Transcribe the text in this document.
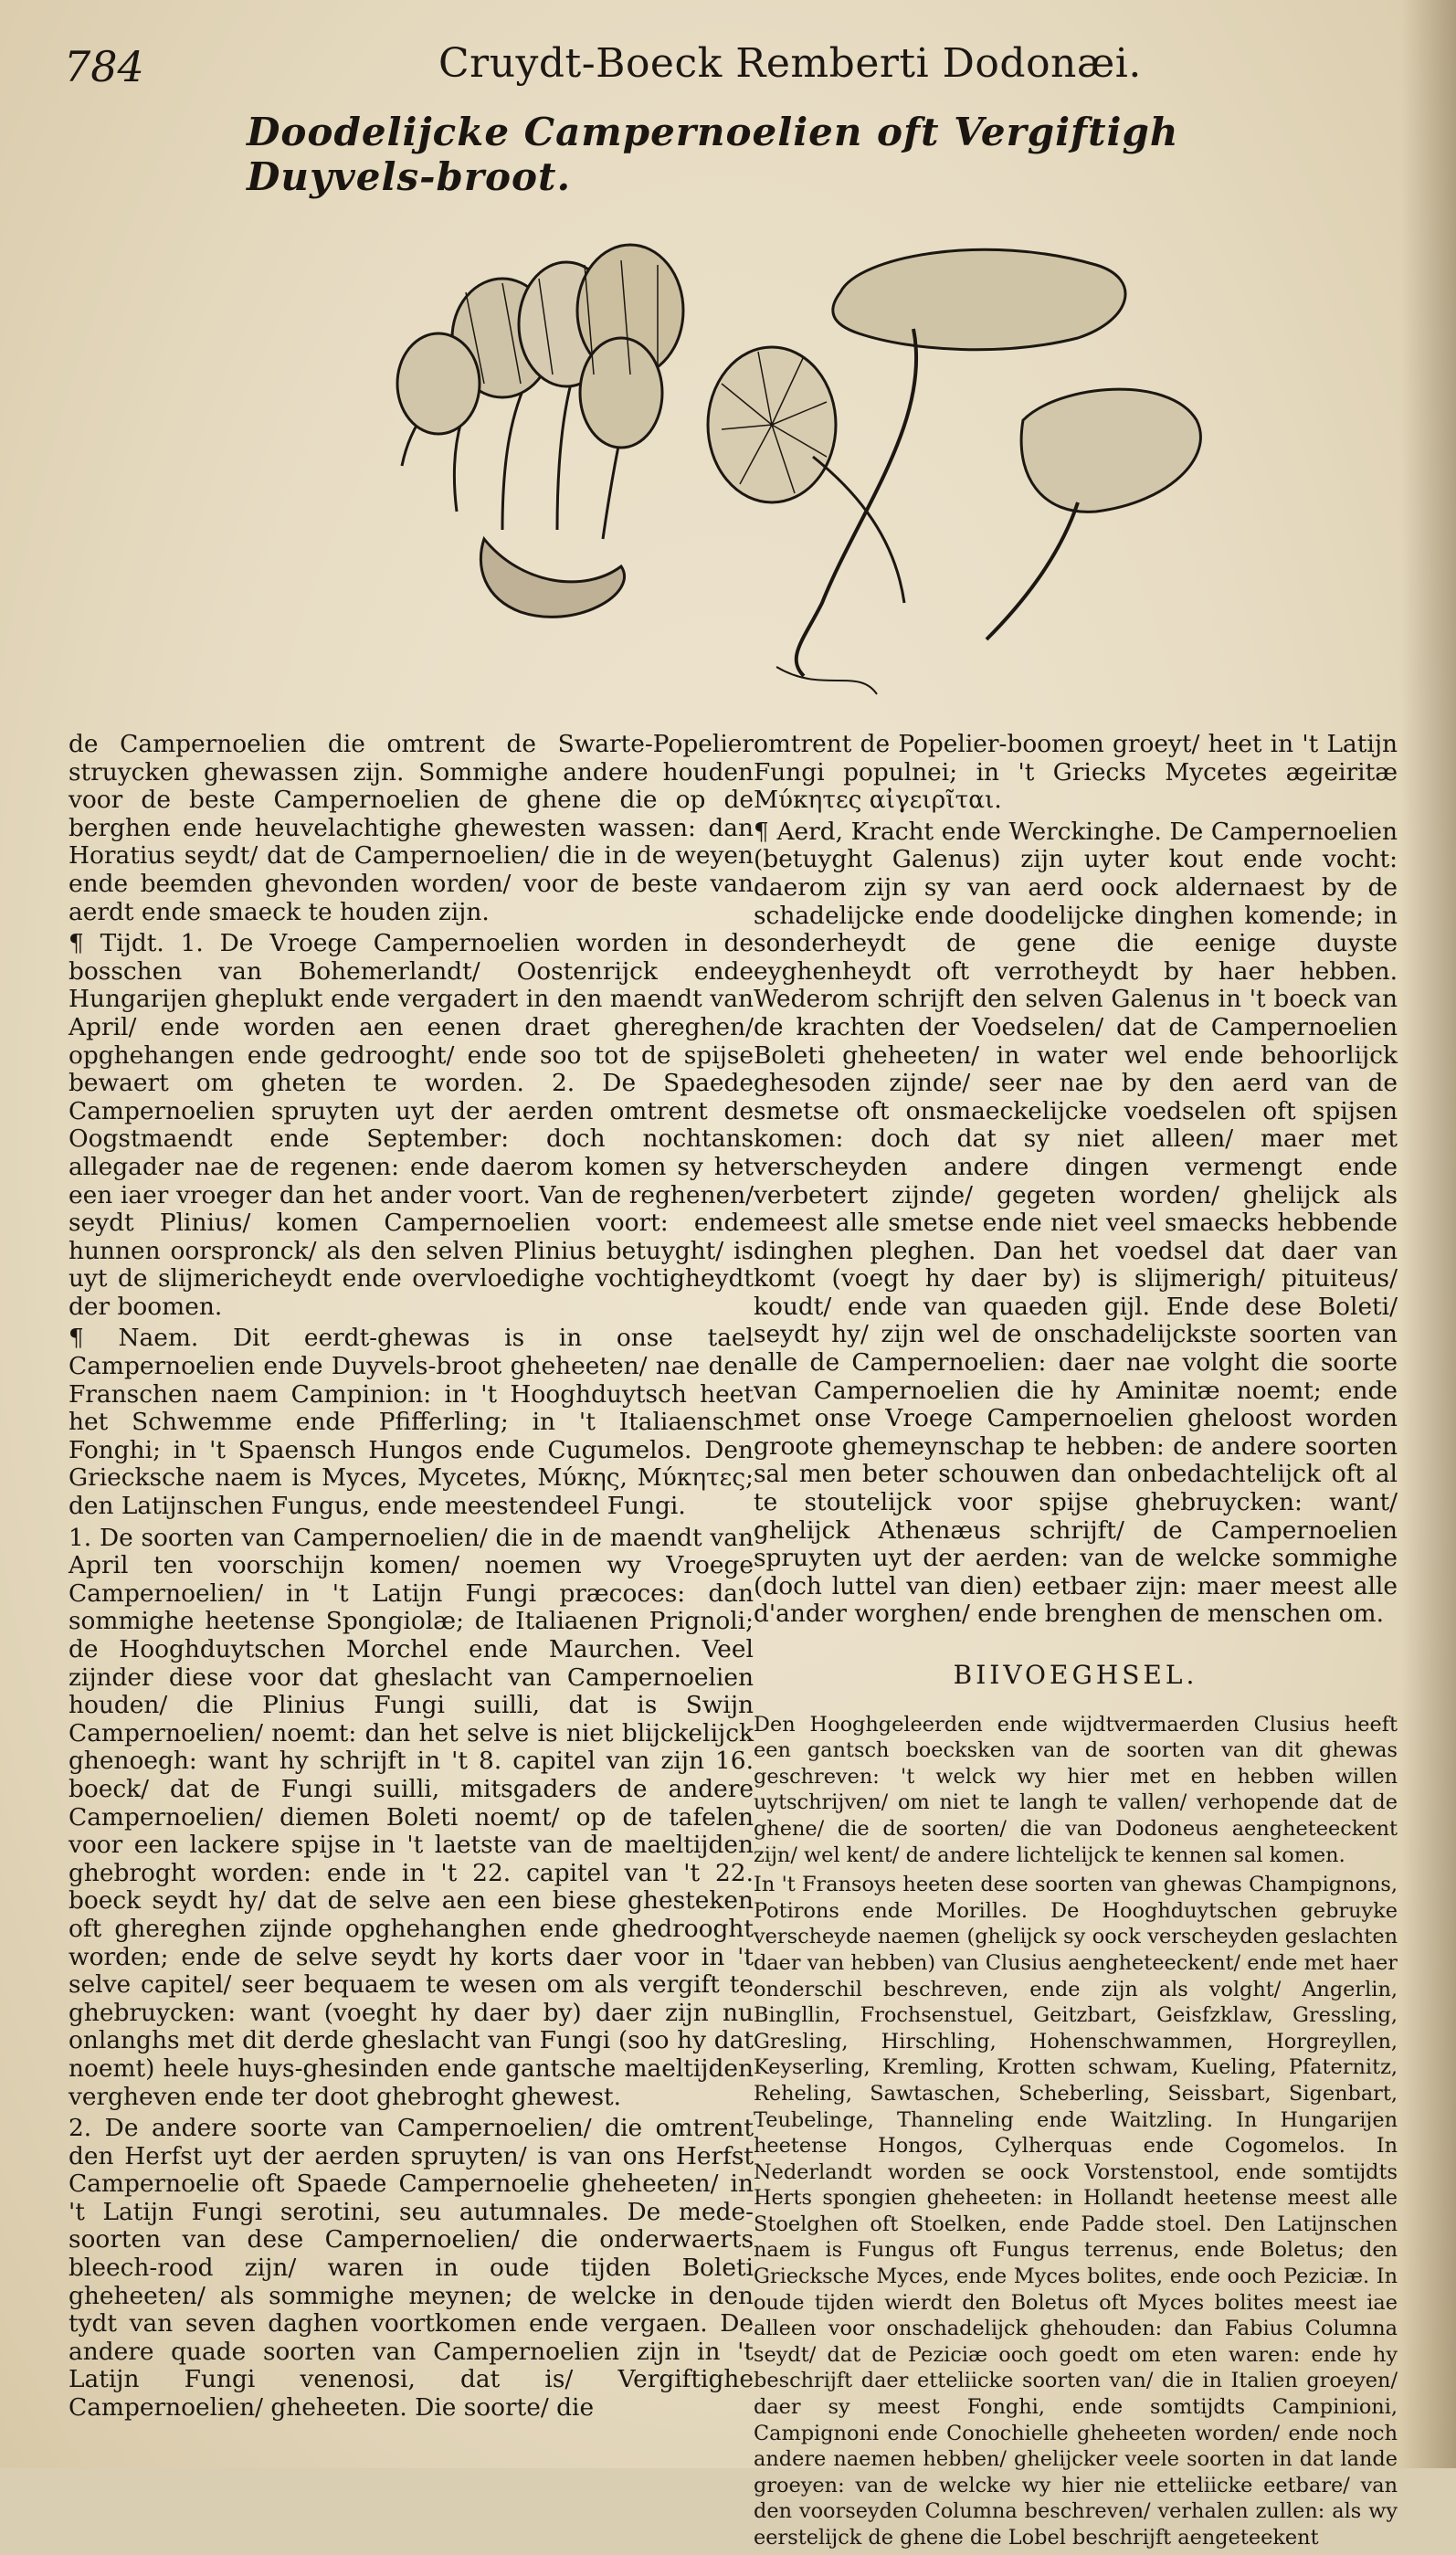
784	Cruydt-Boeck Remberti Dodonæi.
Doodelijcke Campernoelien oft Vergiftigh Duyvels-broot.

de Campernoelien die omtrent de Swarte-Popelier struycken ghewassen zijn. Sommighe andere houden voor de beste Campernoelien de ghene die op de berghen ende heuvelachtighe ghewesten wassen: dan Horatius seydt/ dat de Campernoelien/ die in de weyen ende beemden ghevonden worden/ voor de beste van aerdt ende smaeck te houden zijn.

¶ Tijdt. 1. De Vroege Campernoelien worden in de bosschen van Bohemerlandt/ Oostenrijck ende Hungarijen gheplukt ende vergadert in den maendt van April/ ende worden aen eenen draet ghereghen/ opghehangen ende gedrooght/ ende soo tot de spijse bewaert om gheten te worden. 2. De Spaede Campernoelien spruyten uyt der aerden omtrent de Oogstmaendt ende September: doch nochtans allegader nae de regenen: ende daerom komen sy het een iaer vroeger dan het ander voort. Van de reghenen/ seydt Plinius/ komen Campernoelien voort: ende hunnen oorspronck/ als den selven Plinius betuyght/ is uyt de slijmericheydt ende overvloedighe vochtigheydt der boomen.

¶ Naem. Dit eerdt-ghewas is in onse tael Campernoelien ende Duyvels-broot gheheeten/ nae den Franschen naem Campinion: in 't Hooghduytsch heet het Schwemme ende Pfifferling; in 't Italiaensch Fonghi; in 't Spaensch Hungos ende Cugumelos. Den Griecksche naem is Myces, Mycetes, Μύκης, Μύκητες; den Latijnschen Fungus, ende meestendeel Fungi.

1. De soorten van Campernoelien/ die in de maendt van April ten voorschijn komen/ noemen wy Vroege Campernoelien/ in 't Latijn Fungi præcoces: dan sommighe heetense Spongiolæ; de Italiaenen Prignoli; de Hooghduytschen Morchel ende Maurchen. Veel zijnder diese voor dat gheslacht van Campernoelien houden/ die Plinius Fungi suilli, dat is Swijn Campernoelien/ noemt: dan het selve is niet blijckelijck ghenoegh: want hy schrijft in 't 8. capitel van zijn 16. boeck/ dat de Fungi suilli, mitsgaders de andere Campernoelien/ diemen Boleti noemt/ op de tafelen voor een lackere spijse in 't laetste van de maeltijden ghebroght worden: ende in 't 22. capitel van 't 22. boeck seydt hy/ dat de selve aen een biese ghesteken oft ghereghen zijnde opghehanghen ende ghedrooght worden; ende de selve seydt hy korts daer voor in 't selve capitel/ seer bequaem te wesen om als vergift te ghebruycken: want (voeght hy daer by) daer zijn nu onlanghs met dit derde gheslacht van Fungi (soo hy dat noemt) heele huys-ghesinden ende gantsche maeltijden vergheven ende ter doot ghebroght ghewest.

2. De andere soorte van Campernoelien/ die omtrent den Herfst uyt der aerden spruyten/ is van ons Herfst Campernoelie oft Spaede Campernoelie gheheeten/ in 't Latijn Fungi serotini, seu autumnales. De mede-soorten van dese Campernoelien/ die onderwaerts bleech-rood zijn/ waren in oude tijden Boleti gheheeten/ als sommighe meynen; de welcke in den tydt van seven daghen voortkomen ende vergaen. De andere quade soorten van Campernoelien zijn in 't Latijn Fungi venenosi, dat is/ Vergiftighe Campernoelien/ gheheeten. Die soorte/ die

omtrent de Popelier-boomen groeyt/ heet in 't Latijn Fungi populnei; in 't Griecks Mycetes ægeiritæ Μύκητες αἰγειρῖται.

¶ Aerd, Kracht ende Werckinghe. De Campernoelien (betuyght Galenus) zijn uyter kout ende vocht: daerom zijn sy van aerd oock aldernaest by de schadelijcke ende doodelijcke dinghen komende; in sonderheydt de gene die eenige duyste eyghenheydt oft verrotheydt by haer hebben. Wederom schrijft den selven Galenus in 't boeck van de krachten der Voedselen/ dat de Campernoelien Boleti gheheeten/ in water wel ende behoorlijck ghesoden zijnde/ seer nae by den aerd van de smetse oft onsmaeckelijcke voedselen oft spijsen komen: doch dat sy niet alleen/ maer met verscheyden andere dingen vermengt ende verbetert zijnde/ gegeten worden/ ghelijck als meest alle smetse ende niet veel smaecks hebbende dinghen pleghen. Dan het voedsel dat daer van komt (voegt hy daer by) is slijmerigh/ pituiteus/ koudt/ ende van quaeden gijl. Ende dese Boleti/ seydt hy/ zijn wel de onschadelijckste soorten van alle de Campernoelien: daer nae volght die soorte van Campernoelien die hy Aminitæ noemt; ende met onse Vroege Campernoelien gheloost worden groote ghemeynschap te hebben: de andere soorten sal men beter schouwen dan onbedachtelijck oft al te stoutelijck voor spijse ghebruycken: want/ ghelijck Athenæus schrijft/ de Campernoelien spruyten uyt der aerden: van de welcke sommighe (doch luttel van dien) eetbaer zijn: maer meest alle d'ander worghen/ ende brenghen de menschen om.

BIIVOEGHSEL.

Den Hooghgeleerden ende wijdtvermaerden Clusius heeft een gantsch boecksken van de soorten van dit ghewas geschreven: 't welck wy hier met en hebben willen uytschrijven/ om niet te langh te vallen/ verhopende dat de ghene/ die de soorten/ die van Dodoneus aengheteeckent zijn/ wel kent/ de andere lichtelijck te kennen sal komen.

In 't Fransoys heeten dese soorten van ghewas Champignons, Potirons ende Morilles. De Hooghduytschen gebruyke verscheyde naemen (ghelijck sy oock verscheyden geslachten daer van hebben) van Clusius aengheteeckent/ ende met haer onderschil beschreven, ende zijn als volght/ Angerlin, Bingllin, Frochsenstuel, Geitzbart, Geisfzklaw, Gressling, Gresling, Hirschling, Hohenschwammen, Horgreyllen, Keyserling, Kremling, Krotten schwam, Kueling, Pfaternitz, Reheling, Sawtaschen, Scheberling, Seissbart, Sigenbart, Teubelinge, Thanneling ende Waitzling. In Hungarijen heetense Hongos, Cylherquas ende Cogomelos. In Nederlandt worden se oock Vorstenstool, ende somtijdts Herts spongien gheheeten: in Hollandt heetense meest alle Stoelghen oft Stoelken, ende Padde stoel. Den Latijnschen naem is Fungus oft Fungus terrenus, ende Boletus; den Griecksche Myces, ende Myces bolites, ende ooch Peziciæ. In oude tijden wierdt den Boletus oft Myces bolites meest iae alleen voor onschadelijck ghehouden: dan Fabius Columna seydt/ dat de Peziciæ ooch goedt om eten waren: ende hy beschrijft daer etteliicke soorten van/ die in Italien groeyen/ daer sy meest Fonghi, ende somtijdts Campinioni, Campignoni ende Conochielle gheheeten worden/ ende noch andere naemen hebben/ ghelijcker veele soorten in dat lande groeyen: van de welcke wy hier nie etteliicke eetbare/ van den voorseyden Columna beschreven/ verhalen zullen: als wy eerstelijck de ghene die Lobel beschrijft aengeteekent
